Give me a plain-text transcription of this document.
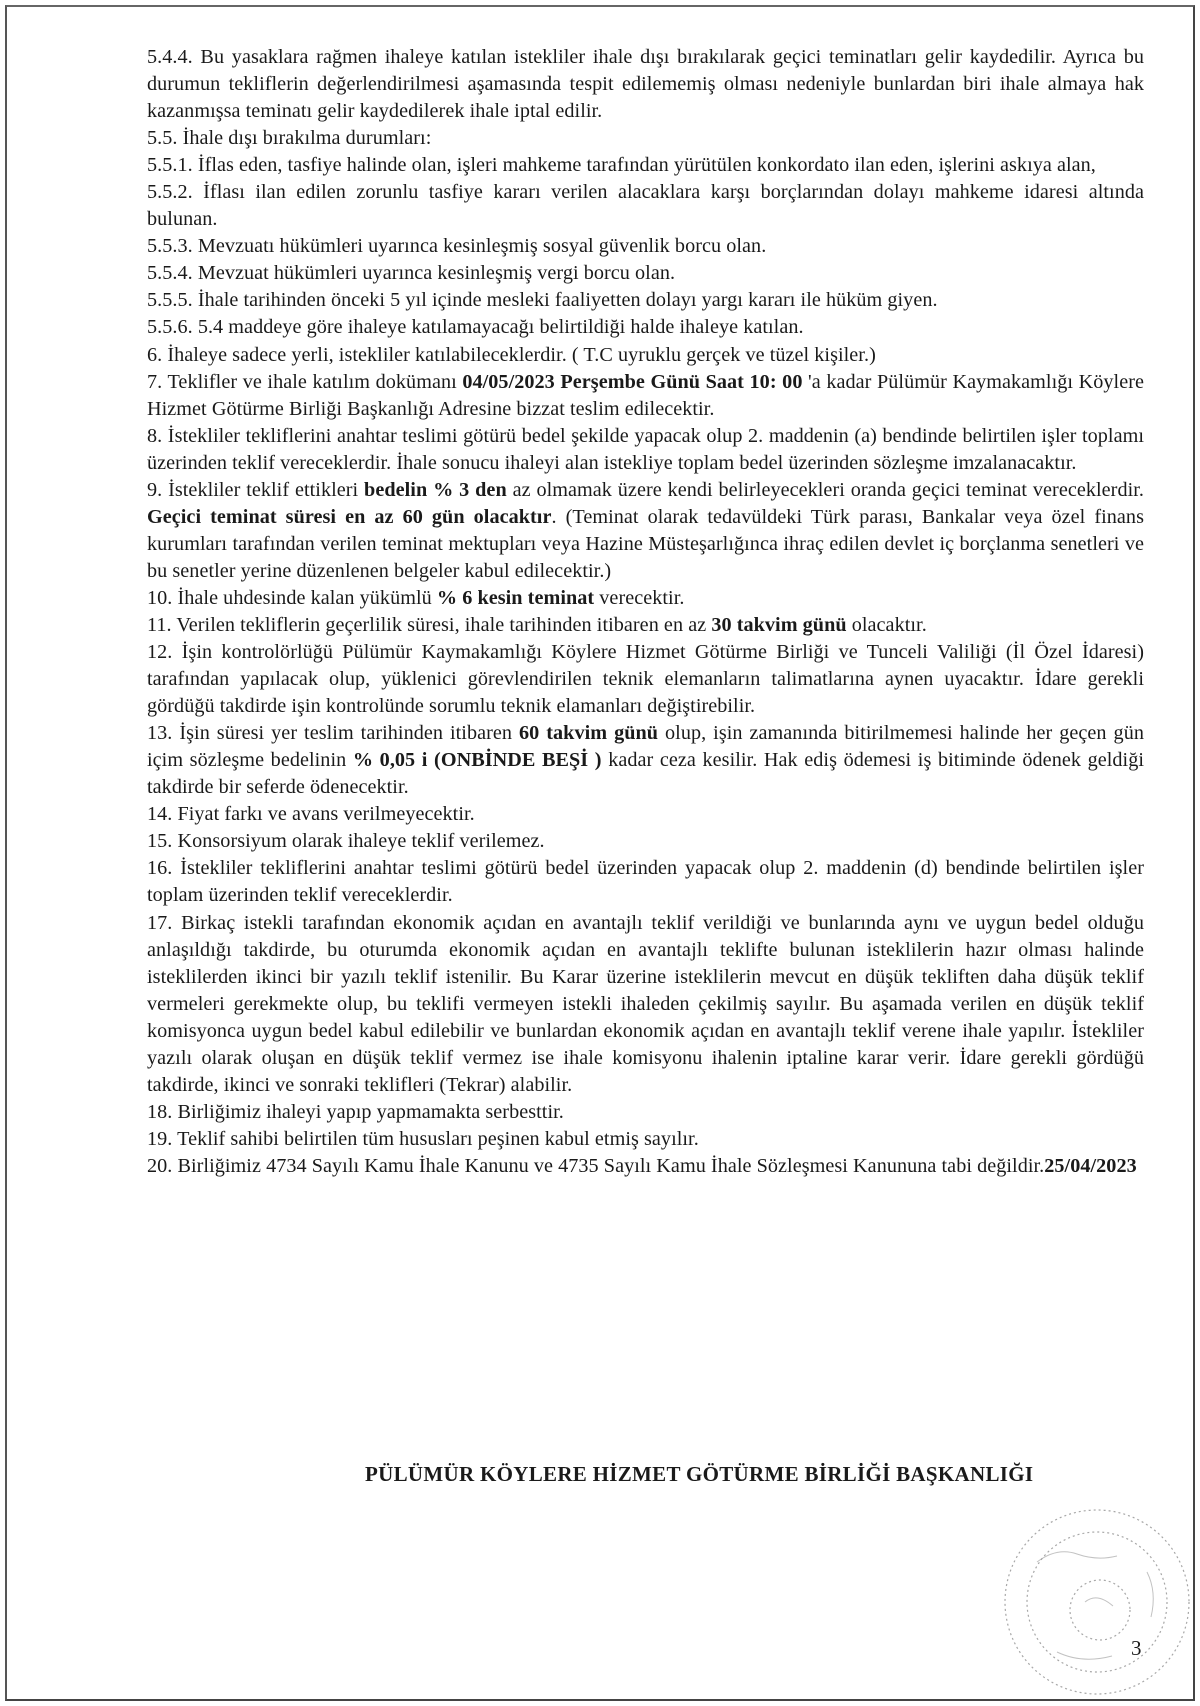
5.4.4. Bu yasaklara rağmen ihaleye katılan istekliler ihale dışı bırakılarak geçici teminatları gelir kaydedilir. Ayrıca bu durumun tekliflerin değerlendirilmesi aşamasında tespit edilememiş olması nedeniyle bunlardan biri ihale almaya hak kazanmışsa teminatı gelir kaydedilerek ihale iptal edilir.

5.5. İhale dışı bırakılma durumları:

5.5.1. İflas eden, tasfiye halinde olan, işleri mahkeme tarafından yürütülen konkordato ilan eden, işlerini askıya alan,

5.5.2. İflası ilan edilen zorunlu tasfiye kararı verilen alacaklara karşı borçlarından dolayı mahkeme idaresi altında bulunan.

5.5.3. Mevzuatı hükümleri uyarınca kesinleşmiş sosyal güvenlik borcu olan.

5.5.4. Mevzuat hükümleri uyarınca kesinleşmiş vergi borcu olan.

5.5.5. İhale tarihinden önceki 5 yıl içinde mesleki faaliyetten dolayı yargı kararı ile hüküm giyen.

5.5.6. 5.4 maddeye göre ihaleye katılamayacağı belirtildiği halde ihaleye katılan.

6. İhaleye sadece yerli, istekliler katılabileceklerdir. ( T.C uyruklu gerçek ve tüzel kişiler.)

7. Teklifler ve ihale katılım dokümanı 04/05/2023 Perşembe Günü Saat 10: 00 'a kadar Pülümür Kaymakamlığı Köylere Hizmet Götürme Birliği Başkanlığı Adresine bizzat teslim edilecektir.

8. İstekliler tekliflerini anahtar teslimi götürü bedel şekilde yapacak olup 2. maddenin (a) bendinde belirtilen işler toplamı üzerinden teklif vereceklerdir. İhale sonucu ihaleyi alan istekliye toplam bedel üzerinden sözleşme imzalanacaktır.

9. İstekliler teklif ettikleri bedelin % 3 den az olmamak üzere kendi belirleyecekleri oranda geçici teminat vereceklerdir. Geçici teminat süresi en az 60 gün olacaktır. (Teminat olarak tedavüldeki Türk parası, Bankalar veya özel finans kurumları tarafından verilen teminat mektupları veya Hazine Müsteşarlığınca ihraç edilen devlet iç borçlanma senetleri ve bu senetler yerine düzenlenen belgeler kabul edilecektir.)

10. İhale uhdesinde kalan yükümlü % 6 kesin teminat verecektir.

11. Verilen tekliflerin geçerlilik süresi, ihale tarihinden itibaren en az 30 takvim günü olacaktır.

12. İşin kontrolörlüğü Pülümür Kaymakamlığı Köylere Hizmet Götürme Birliği ve Tunceli Valiliği (İl Özel İdaresi) tarafından yapılacak olup, yüklenici görevlendirilen teknik elemanların talimatlarına aynen uyacaktır. İdare gerekli gördüğü takdirde işin kontrolünde sorumlu teknik elamanları değiştirebilir.

13. İşin süresi yer teslim tarihinden itibaren 60 takvim günü olup, işin zamanında bitirilmemesi halinde her geçen gün içim sözleşme bedelinin % 0,05 i (ONBİNDE BEŞİ ) kadar ceza kesilir. Hak ediş ödemesi iş bitiminde ödenek geldiği takdirde bir seferde ödenecektir.

14. Fiyat farkı ve avans verilmeyecektir.

15. Konsorsiyum olarak ihaleye teklif verilemez.

16. İstekliler tekliflerini anahtar teslimi götürü bedel üzerinden yapacak olup 2. maddenin (d) bendinde belirtilen işler toplam üzerinden teklif vereceklerdir.

17. Birkaç istekli tarafından ekonomik açıdan en avantajlı teklif verildiği ve bunlarında aynı ve uygun bedel olduğu anlaşıldığı takdirde, bu oturumda ekonomik açıdan en avantajlı teklifte bulunan isteklilerin hazır olması halinde isteklilerden ikinci bir yazılı teklif istenilir. Bu Karar üzerine isteklilerin mevcut en düşük tekliften daha düşük teklif vermeleri gerekmekte olup, bu teklifi vermeyen istekli ihaleden çekilmiş sayılır. Bu aşamada verilen en düşük teklif komisyonca uygun bedel kabul edilebilir ve bunlardan ekonomik açıdan en avantajlı teklif verene ihale yapılır. İstekliler yazılı olarak oluşan en düşük teklif vermez ise ihale komisyonu ihalenin iptaline karar verir. İdare gerekli gördüğü takdirde, ikinci ve sonraki teklifleri (Tekrar) alabilir.

18. Birliğimiz ihaleyi yapıp yapmamakta serbesttir.

19. Teklif sahibi belirtilen tüm hususları peşinen kabul etmiş sayılır.

20. Birliğimiz 4734 Sayılı Kamu İhale Kanunu ve 4735 Sayılı Kamu İhale Sözleşmesi Kanununa tabi değildir.25/04/2023

PÜLÜMÜR KÖYLERE HİZMET GÖTÜRME BİRLİĞİ BAŞKANLIĞI
3
